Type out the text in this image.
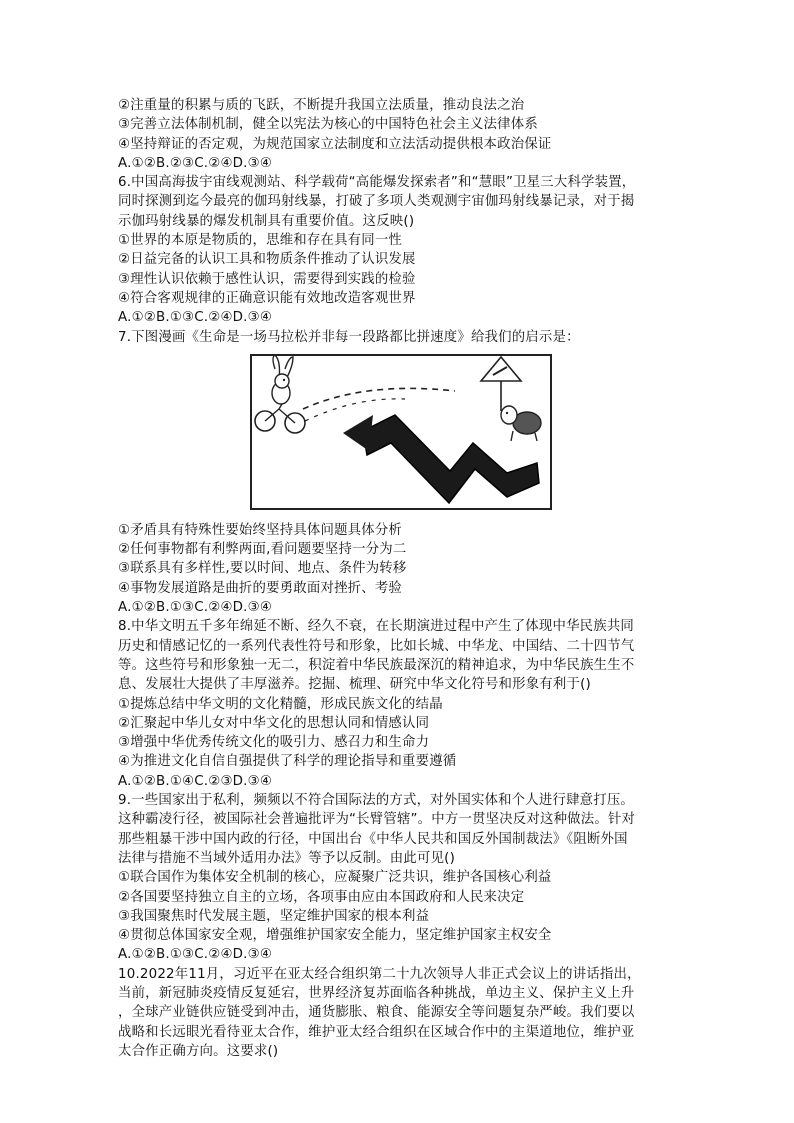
②注重量的积累与质的飞跃，不断提升我国立法质量，推动良法之治
③完善立法体制机制，健全以宪法为核心的中国特色社会主义法律体系
④坚持辩证的否定观，为规范国家立法制度和立法活动提供根本政治保证
A.①②B.②③C.②④D.③④
6.中国高海拔宇宙线观测站、科学载荷“高能爆发探索者”和“慧眼”卫星三大科学装置，
同时探测到迄今最亮的伽玛射线暴，打破了多项人类观测宇宙伽玛射线暴记录，对于揭
示伽玛射线暴的爆发机制具有重要价值。这反映()
①世界的本原是物质的，思维和存在具有同一性
②日益完备的认识工具和物质条件推动了认识发展
③理性认识依赖于感性认识，需要得到实践的检验
④符合客观规律的正确意识能有效地改造客观世界
A.①②B.①③C.②④D.③④
7.下图漫画《生命是一场马拉松并非每一段路都比拼速度》给我们的启示是：
①矛盾具有特殊性要始终坚持具体问题具体分析
②任何事物都有利弊两面,看问题要坚持一分为二
③联系具有多样性,要以时间、地点、条件为转移
④事物发展道路是曲折的要勇敢面对挫折、考验
A.①②B.①③C.②④D.③④
8.中华文明五千多年绵延不断、经久不衰，在长期演进过程中产生了体现中华民族共同
历史和情感记忆的一系列代表性符号和形象，比如长城、中华龙、中国结、二十四节气
等。这些符号和形象独一无二，积淀着中华民族最深沉的精神追求，为中华民族生生不
息、发展壮大提供了丰厚滋养。挖掘、梳理、研究中华文化符号和形象有利于()
①提炼总结中华文明的文化精髓，形成民族文化的结晶
②汇聚起中华儿女对中华文化的思想认同和情感认同
③增强中华优秀传统文化的吸引力、感召力和生命力
④为推进文化自信自强提供了科学的理论指导和重要遵循
A.①②B.①④C.②③D.③④
9.一些国家出于私利，频频以不符合国际法的方式，对外国实体和个人进行肆意打压。
这种霸凌行径，被国际社会普遍批评为“长臂管辖”。中方一贯坚决反对这种做法。针对
那些粗暴干涉中国内政的行径，中国出台《中华人民共和国反外国制裁法》《阻断外国
法律与措施不当域外适用办法》等予以反制。由此可见()
①联合国作为集体安全机制的核心，应凝聚广泛共识，维护各国核心利益
②各国要坚持独立自主的立场，各项事由应由本国政府和人民来决定
③我国聚焦时代发展主题，坚定维护国家的根本利益
④贯彻总体国家安全观，增强维护国家安全能力，坚定维护国家主权安全
A.①②B.①③C.②④D.③④
10.2022年11月，习近平在亚太经合组织第二十九次领导人非正式会议上的讲话指出，
当前，新冠肺炎疫情反复延宕，世界经济复苏面临各种挑战，单边主义、保护主义上升
，全球产业链供应链受到冲击，通货膨胀、粮食、能源安全等问题复杂严峻。我们要以
战略和长远眼光看待亚太合作，维护亚太经合组织在区域合作中的主渠道地位，维护亚
太合作正确方向。这要求()
